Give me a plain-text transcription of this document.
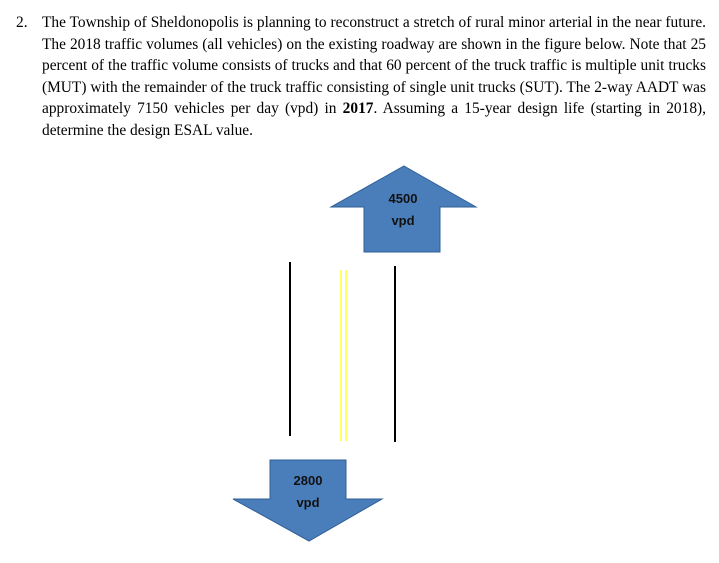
2. The Township of Sheldonopolis is planning to reconstruct a stretch of rural minor arterial in the near future. The 2018 traffic volumes (all vehicles) on the existing roadway are shown in the figure below. Note that 25 percent of the traffic volume consists of trucks and that 60 percent of the truck traffic is multiple unit trucks (MUT) with the remainder of the truck traffic consisting of single unit trucks (SUT). The 2-way AADT was approximately 7150 vehicles per day (vpd) in 2017. Assuming a 15-year design life (starting in 2018), determine the design ESAL value.
4500
vpd
2800
vpd
